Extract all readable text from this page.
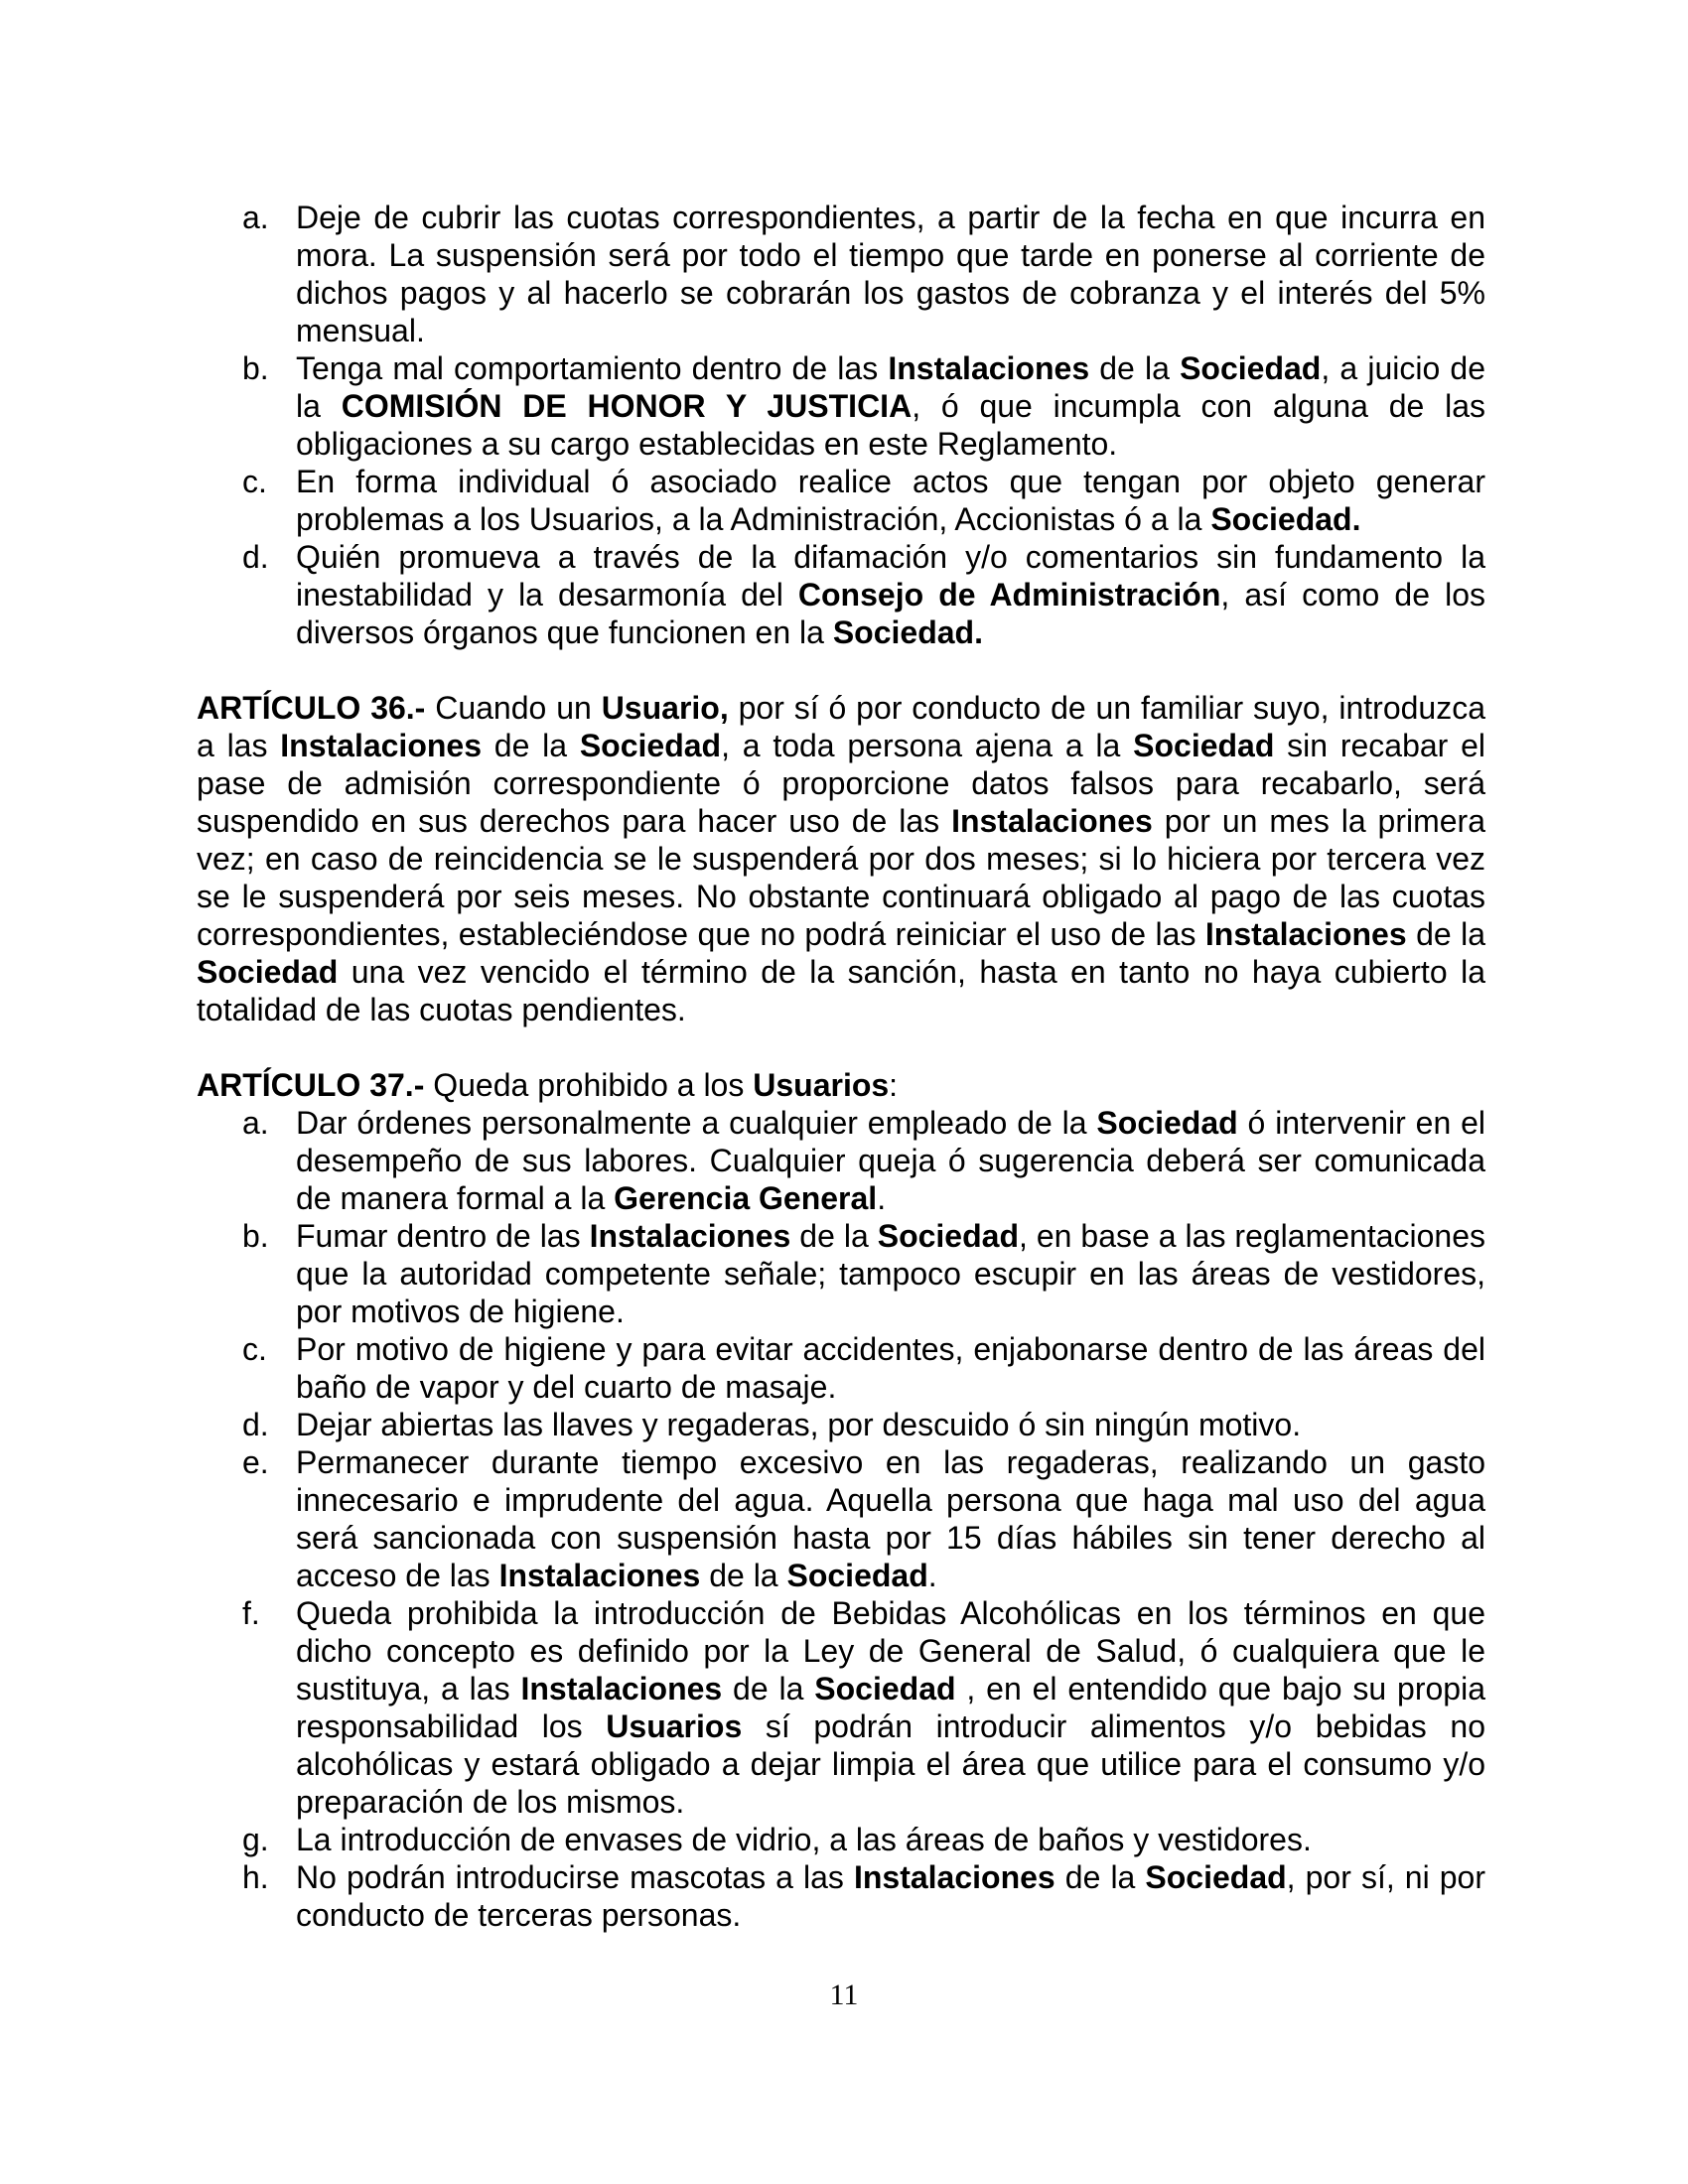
a. Deje de cubrir las cuotas correspondientes, a partir de la fecha en que incurra en mora. La suspensión será por todo el tiempo que tarde en ponerse al corriente de dichos pagos y al hacerlo se cobrarán los gastos de cobranza y el interés del 5% mensual.
b. Tenga mal comportamiento dentro de las Instalaciones de la Sociedad, a juicio de la COMISIÓN DE HONOR Y JUSTICIA, ó que incumpla con alguna de las obligaciones a su cargo establecidas en este Reglamento.
c. En forma individual ó asociado realice actos que tengan por objeto generar problemas a los Usuarios, a la Administración, Accionistas ó a la Sociedad.
d. Quién promueva a través de la difamación y/o comentarios sin fundamento la inestabilidad y la desarmonía del Consejo de Administración, así como de los diversos órganos que funcionen en la Sociedad.

ARTÍCULO 36.- Cuando un Usuario, por sí ó por conducto de un familiar suyo, introduzca a las Instalaciones de la Sociedad, a toda persona ajena a la Sociedad sin recabar el pase de admisión correspondiente ó proporcione datos falsos para recabarlo, será suspendido en sus derechos para hacer uso de las Instalaciones por un mes la primera vez; en caso de reincidencia se le suspenderá por dos meses; si lo hiciera por tercera vez se le suspenderá por seis meses. No obstante continuará obligado al pago de las cuotas correspondientes, estableciéndose que no podrá reiniciar el uso de las Instalaciones de la Sociedad una vez vencido el término de la sanción, hasta en tanto no haya cubierto la totalidad de las cuotas pendientes.

ARTÍCULO 37.- Queda prohibido a los Usuarios:
a. Dar órdenes personalmente a cualquier empleado de la Sociedad ó intervenir en el desempeño de sus labores. Cualquier queja ó sugerencia deberá ser comunicada de manera formal a la Gerencia General.
b. Fumar dentro de las Instalaciones de la Sociedad, en base a las reglamentaciones que la autoridad competente señale; tampoco escupir en las áreas de vestidores, por motivos de higiene.
c. Por motivo de higiene y para evitar accidentes, enjabonarse dentro de las áreas del baño de vapor y del cuarto de masaje.
d. Dejar abiertas las llaves y regaderas, por descuido ó sin ningún motivo.
e. Permanecer durante tiempo excesivo en las regaderas, realizando un gasto innecesario e imprudente del agua. Aquella persona que haga mal uso del agua será sancionada con suspensión hasta por 15 días hábiles sin tener derecho al acceso de las Instalaciones de la Sociedad.
f. Queda prohibida la introducción de Bebidas Alcohólicas en los términos en que dicho concepto es definido por la Ley de General de Salud, ó cualquiera que le sustituya, a las Instalaciones de la Sociedad , en el entendido que bajo su propia responsabilidad los Usuarios sí podrán introducir alimentos y/o bebidas no alcohólicas y estará obligado a dejar limpia el área que utilice para el consumo y/o preparación de los mismos.
g. La introducción de envases de vidrio, a las áreas de baños y vestidores.
h. No podrán introducirse mascotas a las Instalaciones de la Sociedad, por sí, ni por conducto de terceras personas.
11
